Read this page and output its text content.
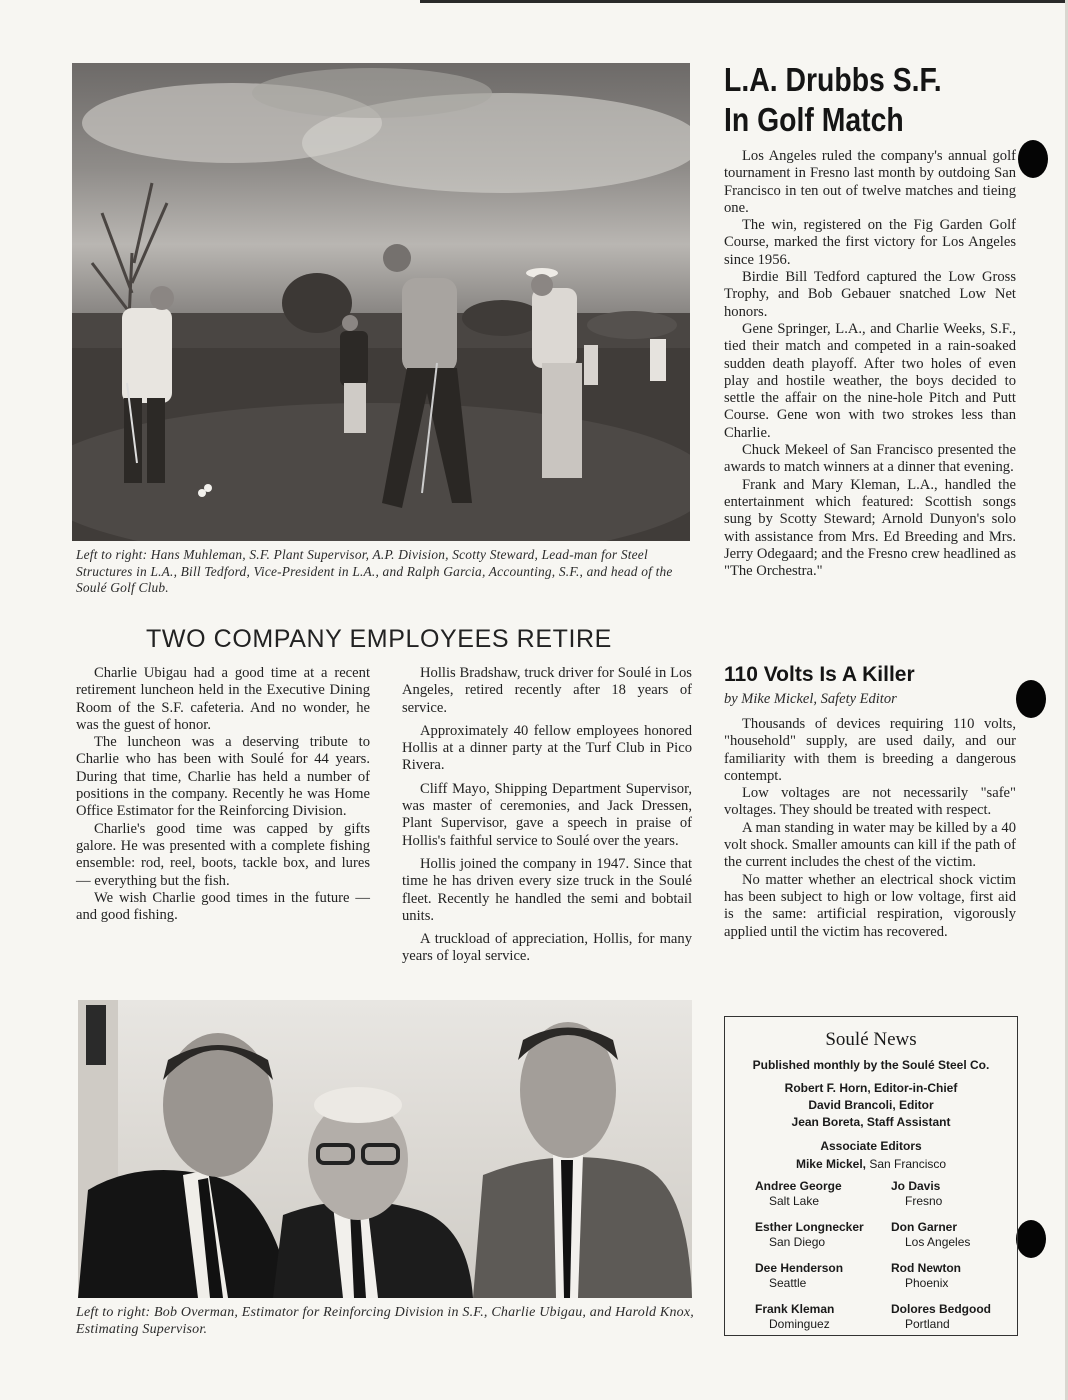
Left to right: Hans Muhleman, S.F. Plant Supervisor, A.P. Division, Scotty Steward, Lead-man for Steel Structures in L.A., Bill Tedford, Vice-President in L.A., and Ralph Garcia, Accounting, S.F., and head of the Soulé Golf Club.
TWO COMPANY EMPLOYEES RETIRE

Charlie Ubigau had a good time at a recent retirement luncheon held in the Executive Dining Room of the S.F. cafeteria. And no wonder, he was the guest of honor.

The luncheon was a deserving tribute to Charlie who has been with Soulé for 44 years. During that time, Charlie has held a number of positions in the company. Recently he was Home Office Estimator for the Reinforcing Division.

Charlie's good time was capped by gifts galore. He was presented with a complete fishing ensemble: rod, reel, boots, tackle box, and lures — everything but the fish.

We wish Charlie good times in the future — and good fishing.

Hollis Bradshaw, truck driver for Soulé in Los Angeles, retired recently after 18 years of service.

Approximately 40 fellow employees honored Hollis at a dinner party at the Turf Club in Pico Rivera.

Cliff Mayo, Shipping Department Supervisor, was master of ceremonies, and Jack Dressen, Plant Supervisor, gave a speech in praise of Hollis's faithful service to Soulé over the years.

Hollis joined the company in 1947. Since that time he has driven every size truck in the Soulé fleet. Recently he handled the semi and bobtail units.

A truckload of appreciation, Hollis, for many years of loyal service.

Left to right: Bob Overman, Estimator for Reinforcing Division in S.F., Charlie Ubigau, and Harold Knox, Estimating Supervisor.
L.A. Drubbs S.F.
In Golf Match

Los Angeles ruled the company's annual golf tournament in Fresno last month by outdoing San Francisco in ten out of twelve matches and tieing one.

The win, registered on the Fig Garden Golf Course, marked the first victory for Los Angeles since 1956.

Birdie Bill Tedford captured the Low Gross Trophy, and Bob Gebauer snatched Low Net honors.

Gene Springer, L.A., and Charlie Weeks, S.F., tied their match and competed in a rain-soaked sudden death playoff. After two holes of even play and hostile weather, the boys decided to settle the affair on the nine-hole Pitch and Putt Course. Gene won with two strokes less than Charlie.

Chuck Mekeel of San Francisco presented the awards to match winners at a dinner that evening.

Frank and Mary Kleman, L.A., handled the entertainment which featured: Scottish songs sung by Scotty Steward; Arnold Dunyon's solo with assistance from Mrs. Ed Breeding and Mrs. Jerry Odegaard; and the Fresno crew headlined as "The Orchestra."

110 Volts Is A Killer
by Mike Mickel, Safety Editor

Thousands of devices requiring 110 volts, "household" supply, are used daily, and our familiarity with them is breeding a dangerous contempt.

Low voltages are not necessarily "safe" voltages. They should be treated with respect.

A man standing in water may be killed by a 40 volt shock. Smaller amounts can kill if the path of the current includes the chest of the victim.

No matter whether an electrical shock victim has been subject to high or low voltage, first aid is the same: artificial respiration, vigorously applied until the victim has recovered.

Soulé News
Published monthly by the Soulé Steel Co.
Robert F. Horn, Editor-in-Chief
David Brancoli, Editor
Jean Boreta, Staff Assistant
Associate Editors
Mike Mickel, San Francisco
Andree George
Salt Lake
Jo Davis
Fresno
Esther Longnecker
San Diego
Don Garner
Los Angeles
Dee Henderson
Seattle
Rod Newton
Phoenix
Frank Kleman
Dominguez
Dolores Bedgood
Portland
